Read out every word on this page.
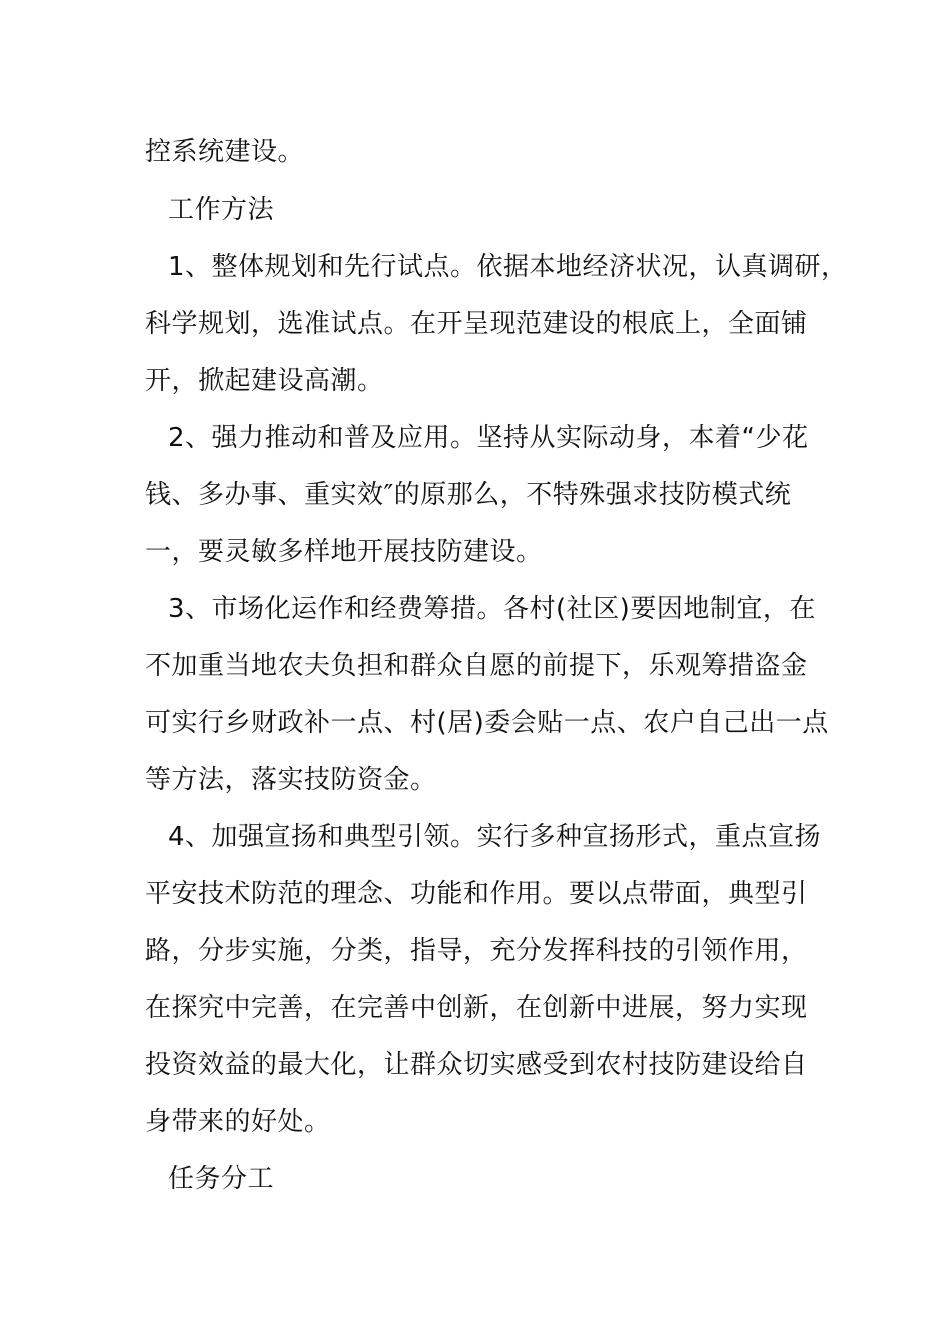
控系统建设。

工作方法

1、整体规划和先行试点。依据本地经济状况，认真调研，

科学规划，选准试点。在开呈现范建设的根底上，全面铺

开，掀起建设高潮。

2、强力推动和普及应用。坚持从实际动身，本着“少花

钱、多办事、重实效″的原那么，不特殊强求技防模式统

一，要灵敏多样地开展技防建设。

3、市场化运作和经费筹措。各村(社区)要因地制宜，在

不加重当地农夫负担和群众自愿的前提下，乐观筹措盗金

可实行乡财政补一点、村(居)委会贴一点、农户自己出一点

等方法，落实技防资金。

4、加强宣扬和典型引领。实行多种宣扬形式，重点宣扬

平安技术防范的理念、功能和作用。要以点带面，典型引

路，分步实施，分类，指导，充分发挥科技的引领作用，

在探究中完善，在完善中创新，在创新中进展，努力实现

投资效益的最大化，让群众切实感受到农村技防建设给自

身带来的好处。

任务分工
